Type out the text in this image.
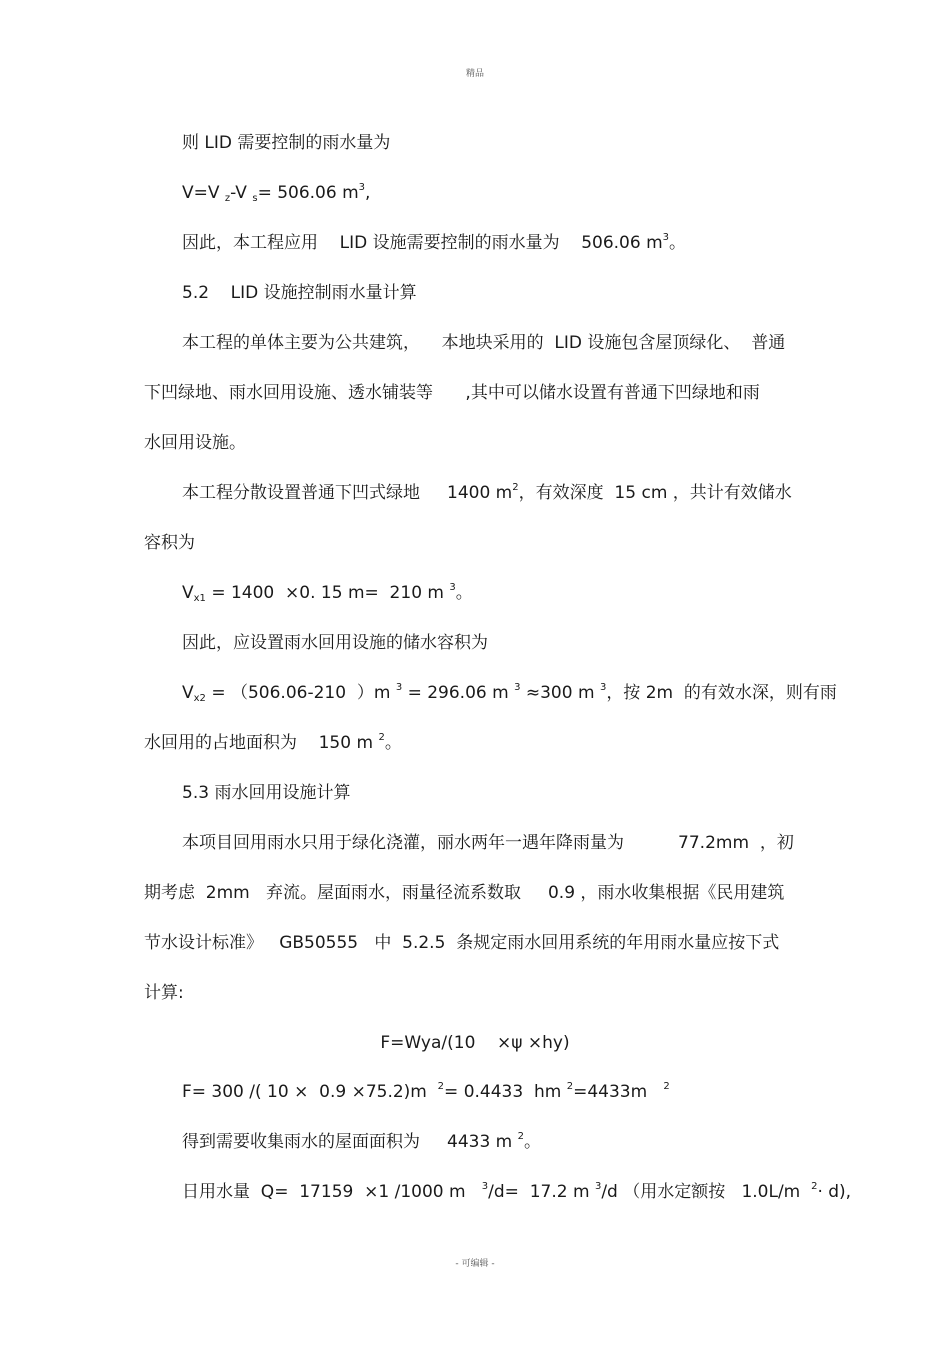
精品
则 LID 需要控制的雨水量为
V=V $_z$-V $_s$= 506.06 $m^3$,
因此，本工程应用    LID 设施需要控制的雨水量为    506.06 $m^3$。
5.2    LID 设施控制雨水量计算
本工程的单体主要为公共建筑，    本地块采用的  LID 设施包含屋顶绿化、  普通
下凹绿地、雨水回用设施、透水铺装等      ,其中可以储水设置有普通下凹绿地和雨
水回用设施。
本工程分散设置普通下凹式绿地     1400 $m^2$，有效深度  15 cm ，共计有效储水
容积为
$V_{x1} = 1400 \times 0$. 15 m=  210 m $^3$。
因此，应设置雨水回用设施的储水容积为
$V_{x2} = (506.06-210$  ）m $^3$ = 296.06 m $^3$ ≈300 m $^3$，按 2m  的有效水深，则有雨
水回用的占地面积为    150 m $^2$。
5.3 雨水回用设施计算
本项目回用雨水只用于绿化浇灌，丽水两年一遇年降雨量为          77.2mm  ，初
期考虑  2mm   弃流。屋面雨水，雨量径流系数取     0.9 ，雨水收集根据《民用建筑
节水设计标准》   GB50555   中  5.2.5  条规定雨水回用系统的年用雨水量应按下式
计算:
F=Wya/(10    ×ψ ×hy)
F= 300 /( 10 ×  0.9 ×75.2)m  $^2$= 0.4433  hm $^2$=4433m   $^2$
得到需要收集雨水的屋面面积为     4433 m $^2$。
日用水量  Q=  17159  ×1 /1000 m   $^3$/d=  17.2 m $^3$/d （用水定额按   1.0L/m  $^2$· d),
- 可编辑 -
